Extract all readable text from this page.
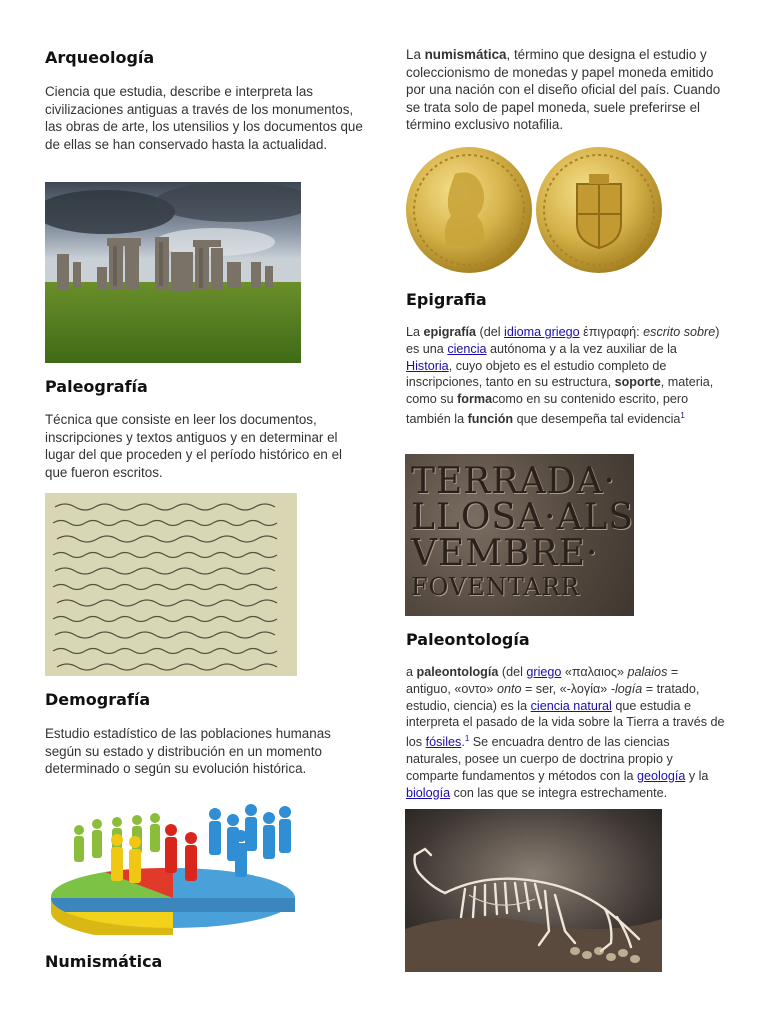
Arqueología

Ciencia que estudia, describe e interpreta las civilizaciones antiguas a través de los monumentos, las obras de arte, los utensilios y los documentos que de ellas se han conservado hasta la actualidad.

Paleografía

Técnica que consiste en leer los documentos, inscripciones y textos antiguos y en determinar el lugar del que proceden y el período histórico en el que fueron escritos.

Demografía

Estudio estadístico de las poblaciones humanas según su estado y distribución en un momento determinado o según su evolución histórica.

Numismática

La numismática, término que designa el estudio y coleccionismo de monedas y papel moneda emitido por una nación con el diseño oficial del país. Cuando se trata solo de papel moneda, suele preferirse el término exclusivo notafilia.

Epigrafia

La epigrafía (del idioma griego ἐπιγραφή: escrito sobre) es una ciencia autónoma y a la vez auxiliar de la Historia, cuyo objeto es el estudio completo de inscripciones, tanto en su estructura, soporte, materia, como su formacomo en su contenido escrito, pero también la función que desempeña tal evidencia$^1$

TERRADA·
LLOSA·ALS
VEMBRE·
FOVENTARR
Paleontología

a paleontología (del griego «παλαιος» palaios = antiguo, «οντο» onto = ser, «-λογία» -logía = tratado, estudio, ciencia) es la ciencia natural que estudia e interpreta el pasado de la vida sobre la Tierra a través de los fósiles.$^1$ Se encuadra dentro de las ciencias naturales, posee un cuerpo de doctrina propio y comparte fundamentos y métodos con la geología y la biología con las que se integra estrechamente.
